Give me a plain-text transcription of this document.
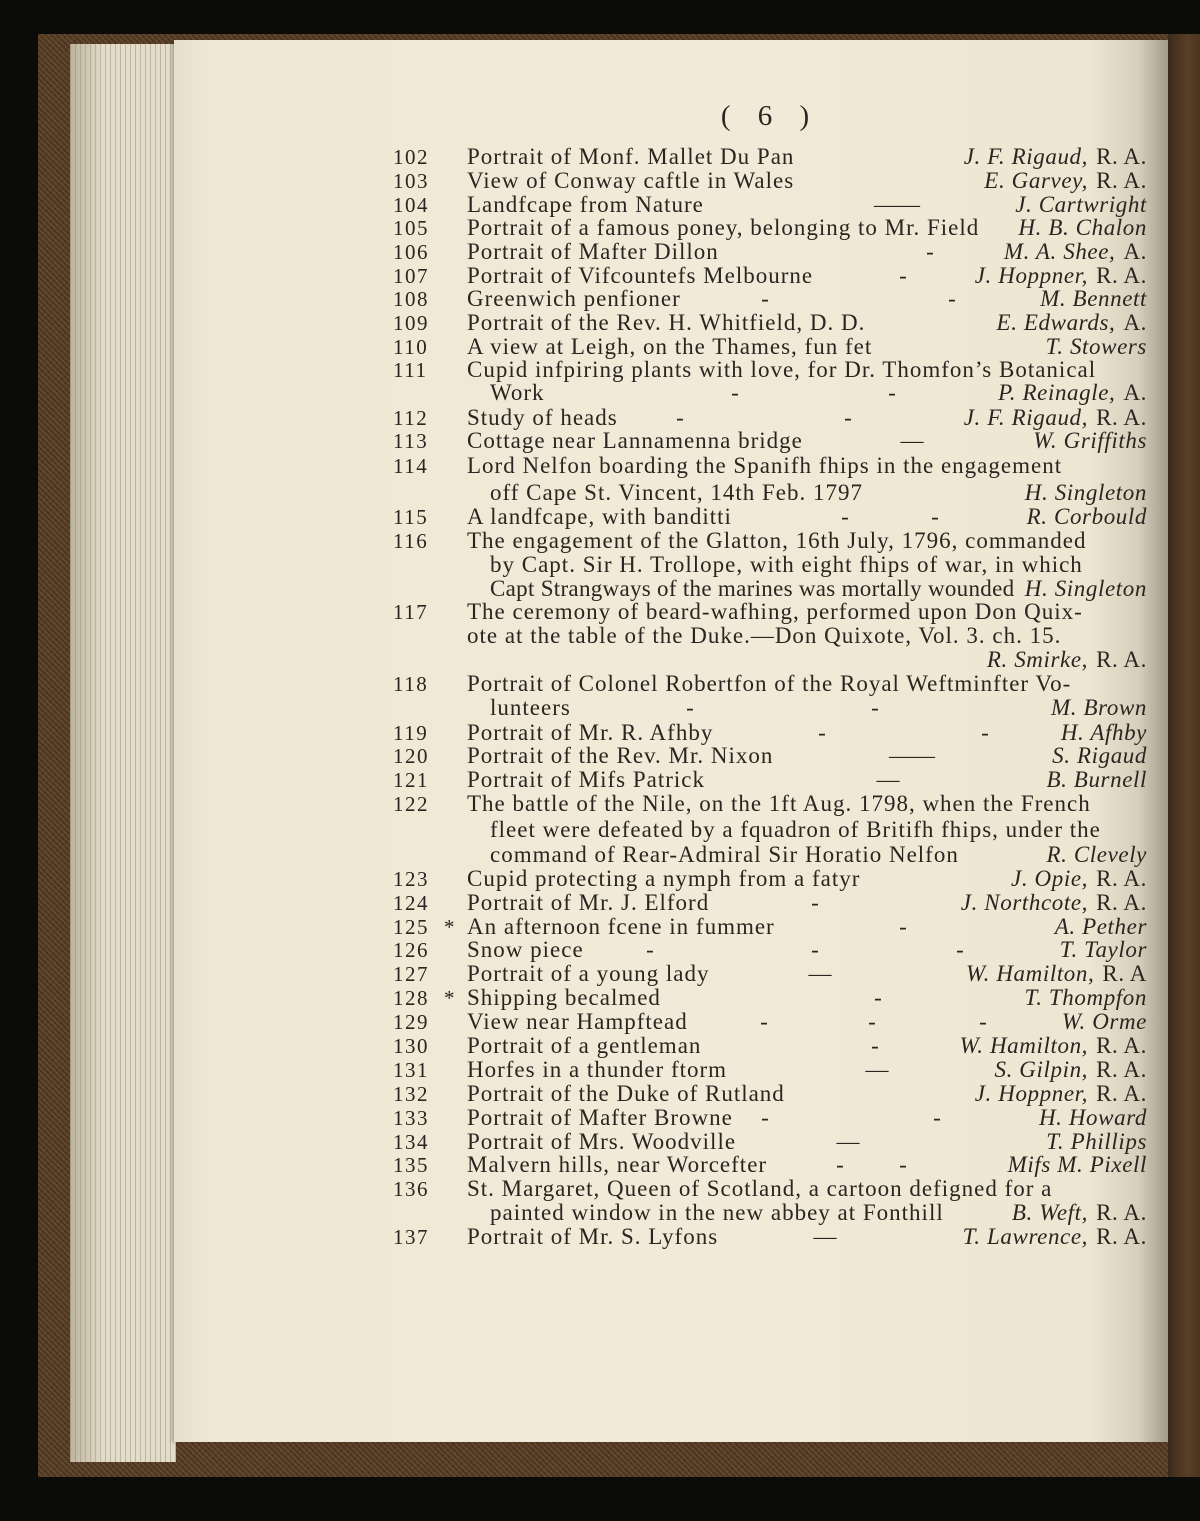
( 6 )
102 Portrait of Monf. Mallet Du Pan	J. F. Rigaud, R. A.
103 View of Conway caftle in Wales	E. Garvey, R. A.
104 Landfcape from Nature	——	J. Cartwright
105 Portrait of a famous poney, belonging to Mr. Field H. B. Chalon
106 Portrait of Mafter Dillon	-	M. A. Shee, A.
107 Portrait of Vifcountefs Melbourne	-	J. Hoppner, R. A.
108 Greenwich penfioner	-	-	M. Bennett
109 Portrait of the Rev. H. Whitfield, D. D.	E. Edwards, A.
110 A view at Leigh, on the Thames, fun fet	T. Stowers
111 Cupid infpiring plants with love, for Dr. Thomfon’s Botanical
Work	-	-	P. Reinagle, A.
112 Study of heads	-	-	J. F. Rigaud, R. A.
113 Cottage near Lannamenna bridge	—	W. Griffiths
114 Lord Nelfon boarding the Spanifh fhips in the engagement
off Cape St. Vincent, 14th Feb. 1797	H. Singleton
115 A landfcape, with banditti	-	-	R. Corbould
116 The engagement of the Glatton, 16th July, 1796, commanded
by Capt. Sir H. Trollope, with eight fhips of war, in which
Capt Strangways of the marines was mortally wounded H. Singleton
117 The ceremony of beard-wafhing, performed upon Don Quix-
ote at the table of the Duke.—Don Quixote, Vol. 3. ch. 15.
R. Smirke, R. A.
118 Portrait of Colonel Robertfon of the Royal Weftminfter Vo-
lunteers	-	-	M. Brown
119 Portrait of Mr. R. Afhby	-	-	H. Afhby
120 Portrait of the Rev. Mr. Nixon	——	S. Rigaud
121 Portrait of Mifs Patrick	—	B. Burnell
122 The battle of the Nile, on the 1ft Aug. 1798, when the French
fleet were defeated by a fquadron of Britifh fhips, under the
command of Rear-Admiral Sir Horatio Nelfon	R. Clevely
123 Cupid protecting a nymph from a fatyr	J. Opie, R. A.
124 Portrait of Mr. J. Elford	-	J. Northcote, R. A.
125 * An afternoon fcene in fummer	-	A. Pether
126 Snow piece	-	-	-	T. Taylor
127 Portrait of a young lady	—	W. Hamilton, R. A
128 * Shipping becalmed	-	T. Thompfon
129 View near Hampftead	-	-	-	W. Orme
130 Portrait of a gentleman	-	W. Hamilton, R. A.
131 Horfes in a thunder ftorm	—	S. Gilpin, R. A.
132 Portrait of the Duke of Rutland	J. Hoppner, R. A.
133 Portrait of Mafter Browne -	-	H. Howard
134 Portrait of Mrs. Woodville	—	T. Phillips
135 Malvern hills, near Worcefter	- -	Mifs M. Pixell
136 St. Margaret, Queen of Scotland, a cartoon defigned for a
painted window in the new abbey at Fonthill	B. Weft, R. A.
137 Portrait of Mr. S. Lyfons	—	T. Lawrence, R. A.
